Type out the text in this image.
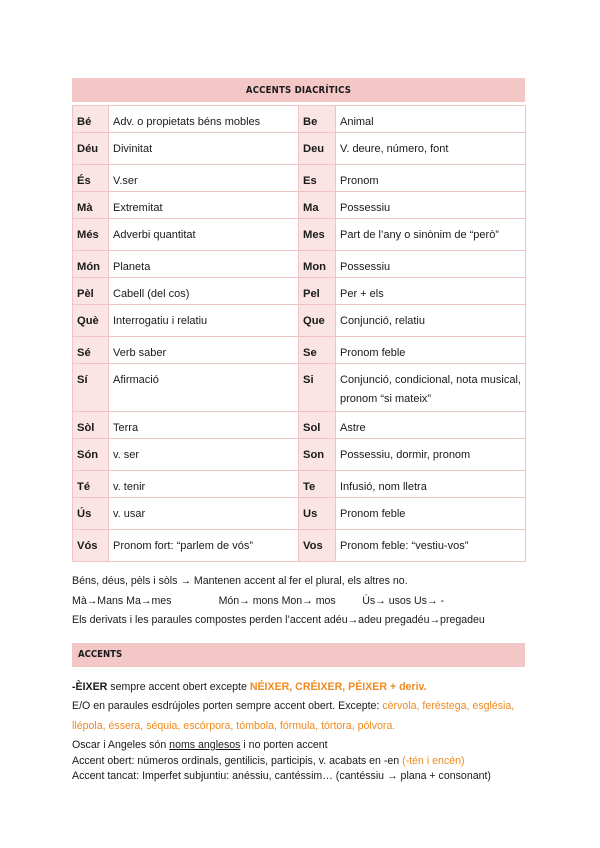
ACCENTS DIACRÍTICS
Bé	Adv. o propietats béns mobles	Be	Animal
Déu	Divinitat	Deu	V. deure, número, font
És	V.ser	Es	Pronom
Mà	Extremitat	Ma	Possessiu
Més	Adverbi quantitat	Mes	Part de l’any o sinònim de “però”
Món	Planeta	Mon	Possessiu
Pèl	Cabell (del cos)	Pel	Per + els
Què	Interrogatiu i relatiu	Que	Conjunció, relatiu
Sé	Verb saber	Se	Pronom feble
Sí	Afirmació	Si	Conjunció, condicional, nota musical, pronom “si mateix”
Sòl	Terra	Sol	Astre
Són	v. ser	Son	Possessiu, dormir, pronom
Té	v. tenir	Te	Infusió, nom lletra
Ús	v. usar	Us	Pronom feble
Vós	Pronom fort: “parlem de vós”	Vos	Pronom feble: “vestiu-vos”

Béns, déus, pèls i sòls → Mantenen accent al fer el plural, els altres no.

Mà→Mans Ma→mes                Món→ mons Mon→ mos         Ús→ usos Us→ -

Els derivats i les paraules compostes perden l’accent adéu→adeu pregadéu→pregadeu

ACCENTS

-ÈIXER sempre accent obert excepte NÉIXER, CRÉIXER, PÉIXER + deriv.

E/O en paraules esdrújoles porten sempre accent obert. Excepte: cèrvola, feréstega, església, llépola, éssera, séquia, escórpora, tómbola, fórmula, tórtora, pólvora.

Oscar i Angeles són noms anglesos i no porten accent

Accent obert: números ordinals, gentilicis, participis, v. acabats en -en (-tén i encén)

Accent tancat: Imperfet subjuntiu: anéssiu, cantéssim… (cantéssiu → plana + consonant)
